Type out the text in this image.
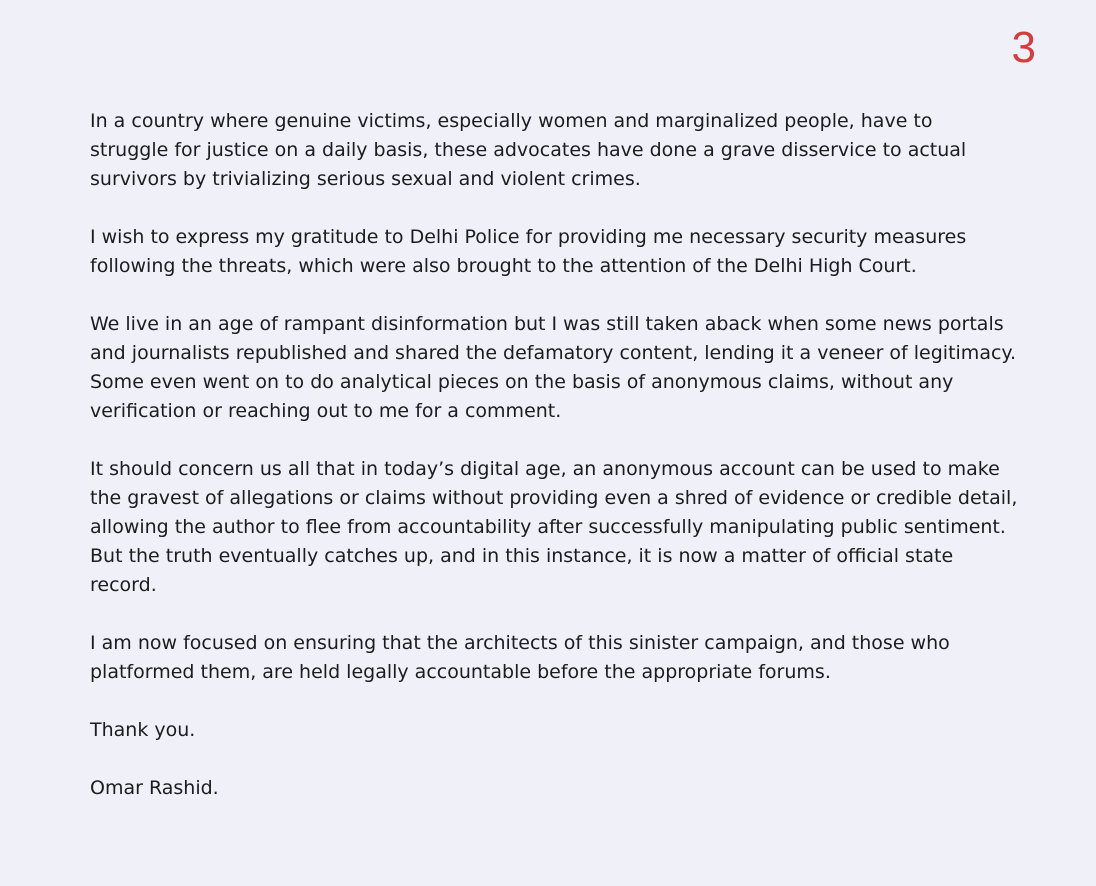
3

In a country where genuine victims, especially women and marginalized people, have to
struggle for justice on a daily basis, these advocates have done a grave disservice to actual
survivors by trivializing serious sexual and violent crimes.

I wish to express my gratitude to Delhi Police for providing me necessary security measures
following the threats, which were also brought to the attention of the Delhi High Court.

We live in an age of rampant disinformation but I was still taken aback when some news portals
and journalists republished and shared the defamatory content, lending it a veneer of legitimacy.
Some even went on to do analytical pieces on the basis of anonymous claims, without any
verification or reaching out to me for a comment.

It should concern us all that in today’s digital age, an anonymous account can be used to make
the gravest of allegations or claims without providing even a shred of evidence or credible detail,
allowing the author to flee from accountability after successfully manipulating public sentiment.
But the truth eventually catches up, and in this instance, it is now a matter of official state
record.

I am now focused on ensuring that the architects of this sinister campaign, and those who
platformed them, are held legally accountable before the appropriate forums.

Thank you.

Omar Rashid.
